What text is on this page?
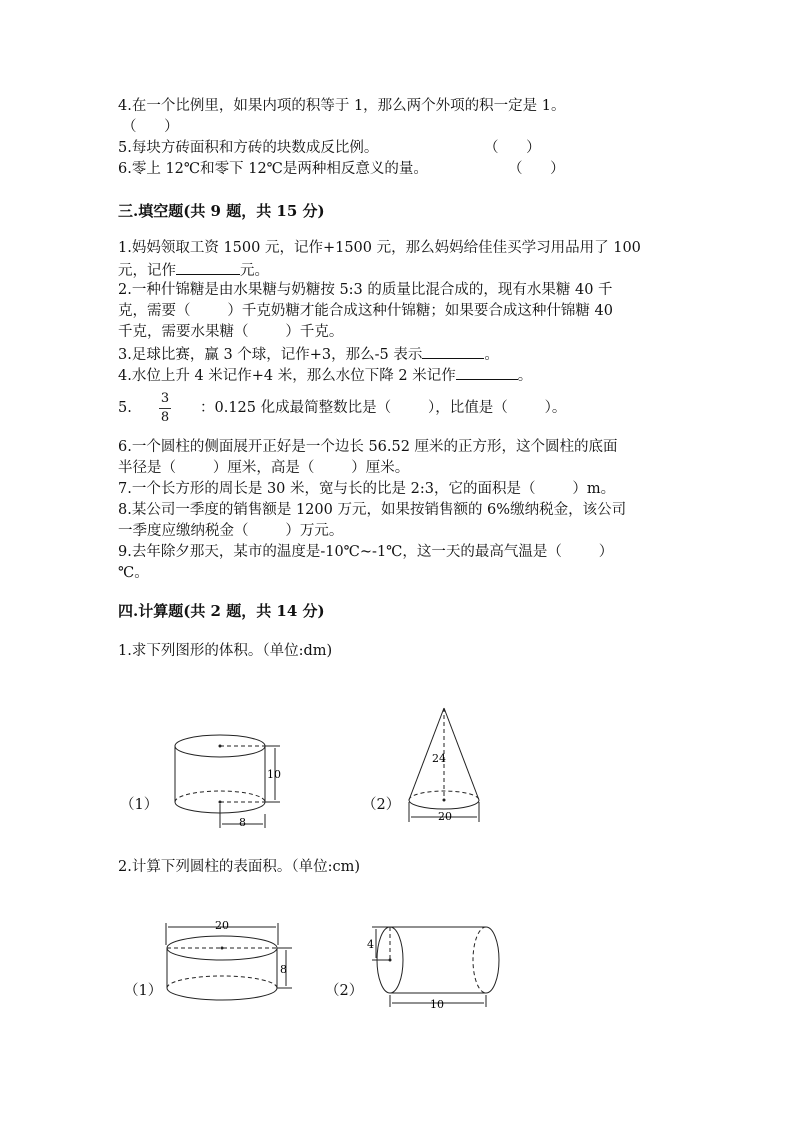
4.在一个比例里，如果内项的积等于 1，那么两个外项的积一定是 1。
（      ）
5.每块方砖面积和方砖的块数成反比例。	（      ）
6.零上 12℃和零下 12℃是两种相反意义的量。	（      ）
三.填空题(共 9 题，共 15 分)
1.妈妈领取工资 1500 元，记作+1500 元，那么妈妈给佳佳买学习用品用了 100
元，记作	元。
2.一种什锦糖是由水果糖与奶糖按 5:3 的质量比混合成的，现有水果糖 40 千
克，需要（        ）千克奶糖才能合成这种什锦糖；如果要合成这种什锦糖 40
千克，需要水果糖（        ）千克。
3.足球比赛，赢 3 个球，记作+3，那么-5 表示	。
4.水位上升 4 米记作+4 米，那么水位下降 2 米记作	。
5.
3
8
：0.125 化成最简整数比是（        ），比值是（        ）。
6.一个圆柱的侧面展开正好是一个边长 56.52 厘米的正方形，这个圆柱的底面
半径是（        ）厘米，高是（        ）厘米。
7.一个长方形的周长是 30 米，宽与长的比是 2:3，它的面积是（        ）m。
8.某公司一季度的销售额是 1200 万元，如果按销售额的 6%缴纳税金，该公司
一季度应缴纳税金（        ）万元。
9.去年除夕那天，某市的温度是-10℃~-1℃，这一天的最高气温是（        ）
℃。
四.计算题(共 2 题，共 14 分)
1.求下列图形的体积。（单位:dm)
（1）
10
8
（2）
24
20
2.计算下列圆柱的表面积。（单位:cm)
（1）
20
8
（2）
4
10
